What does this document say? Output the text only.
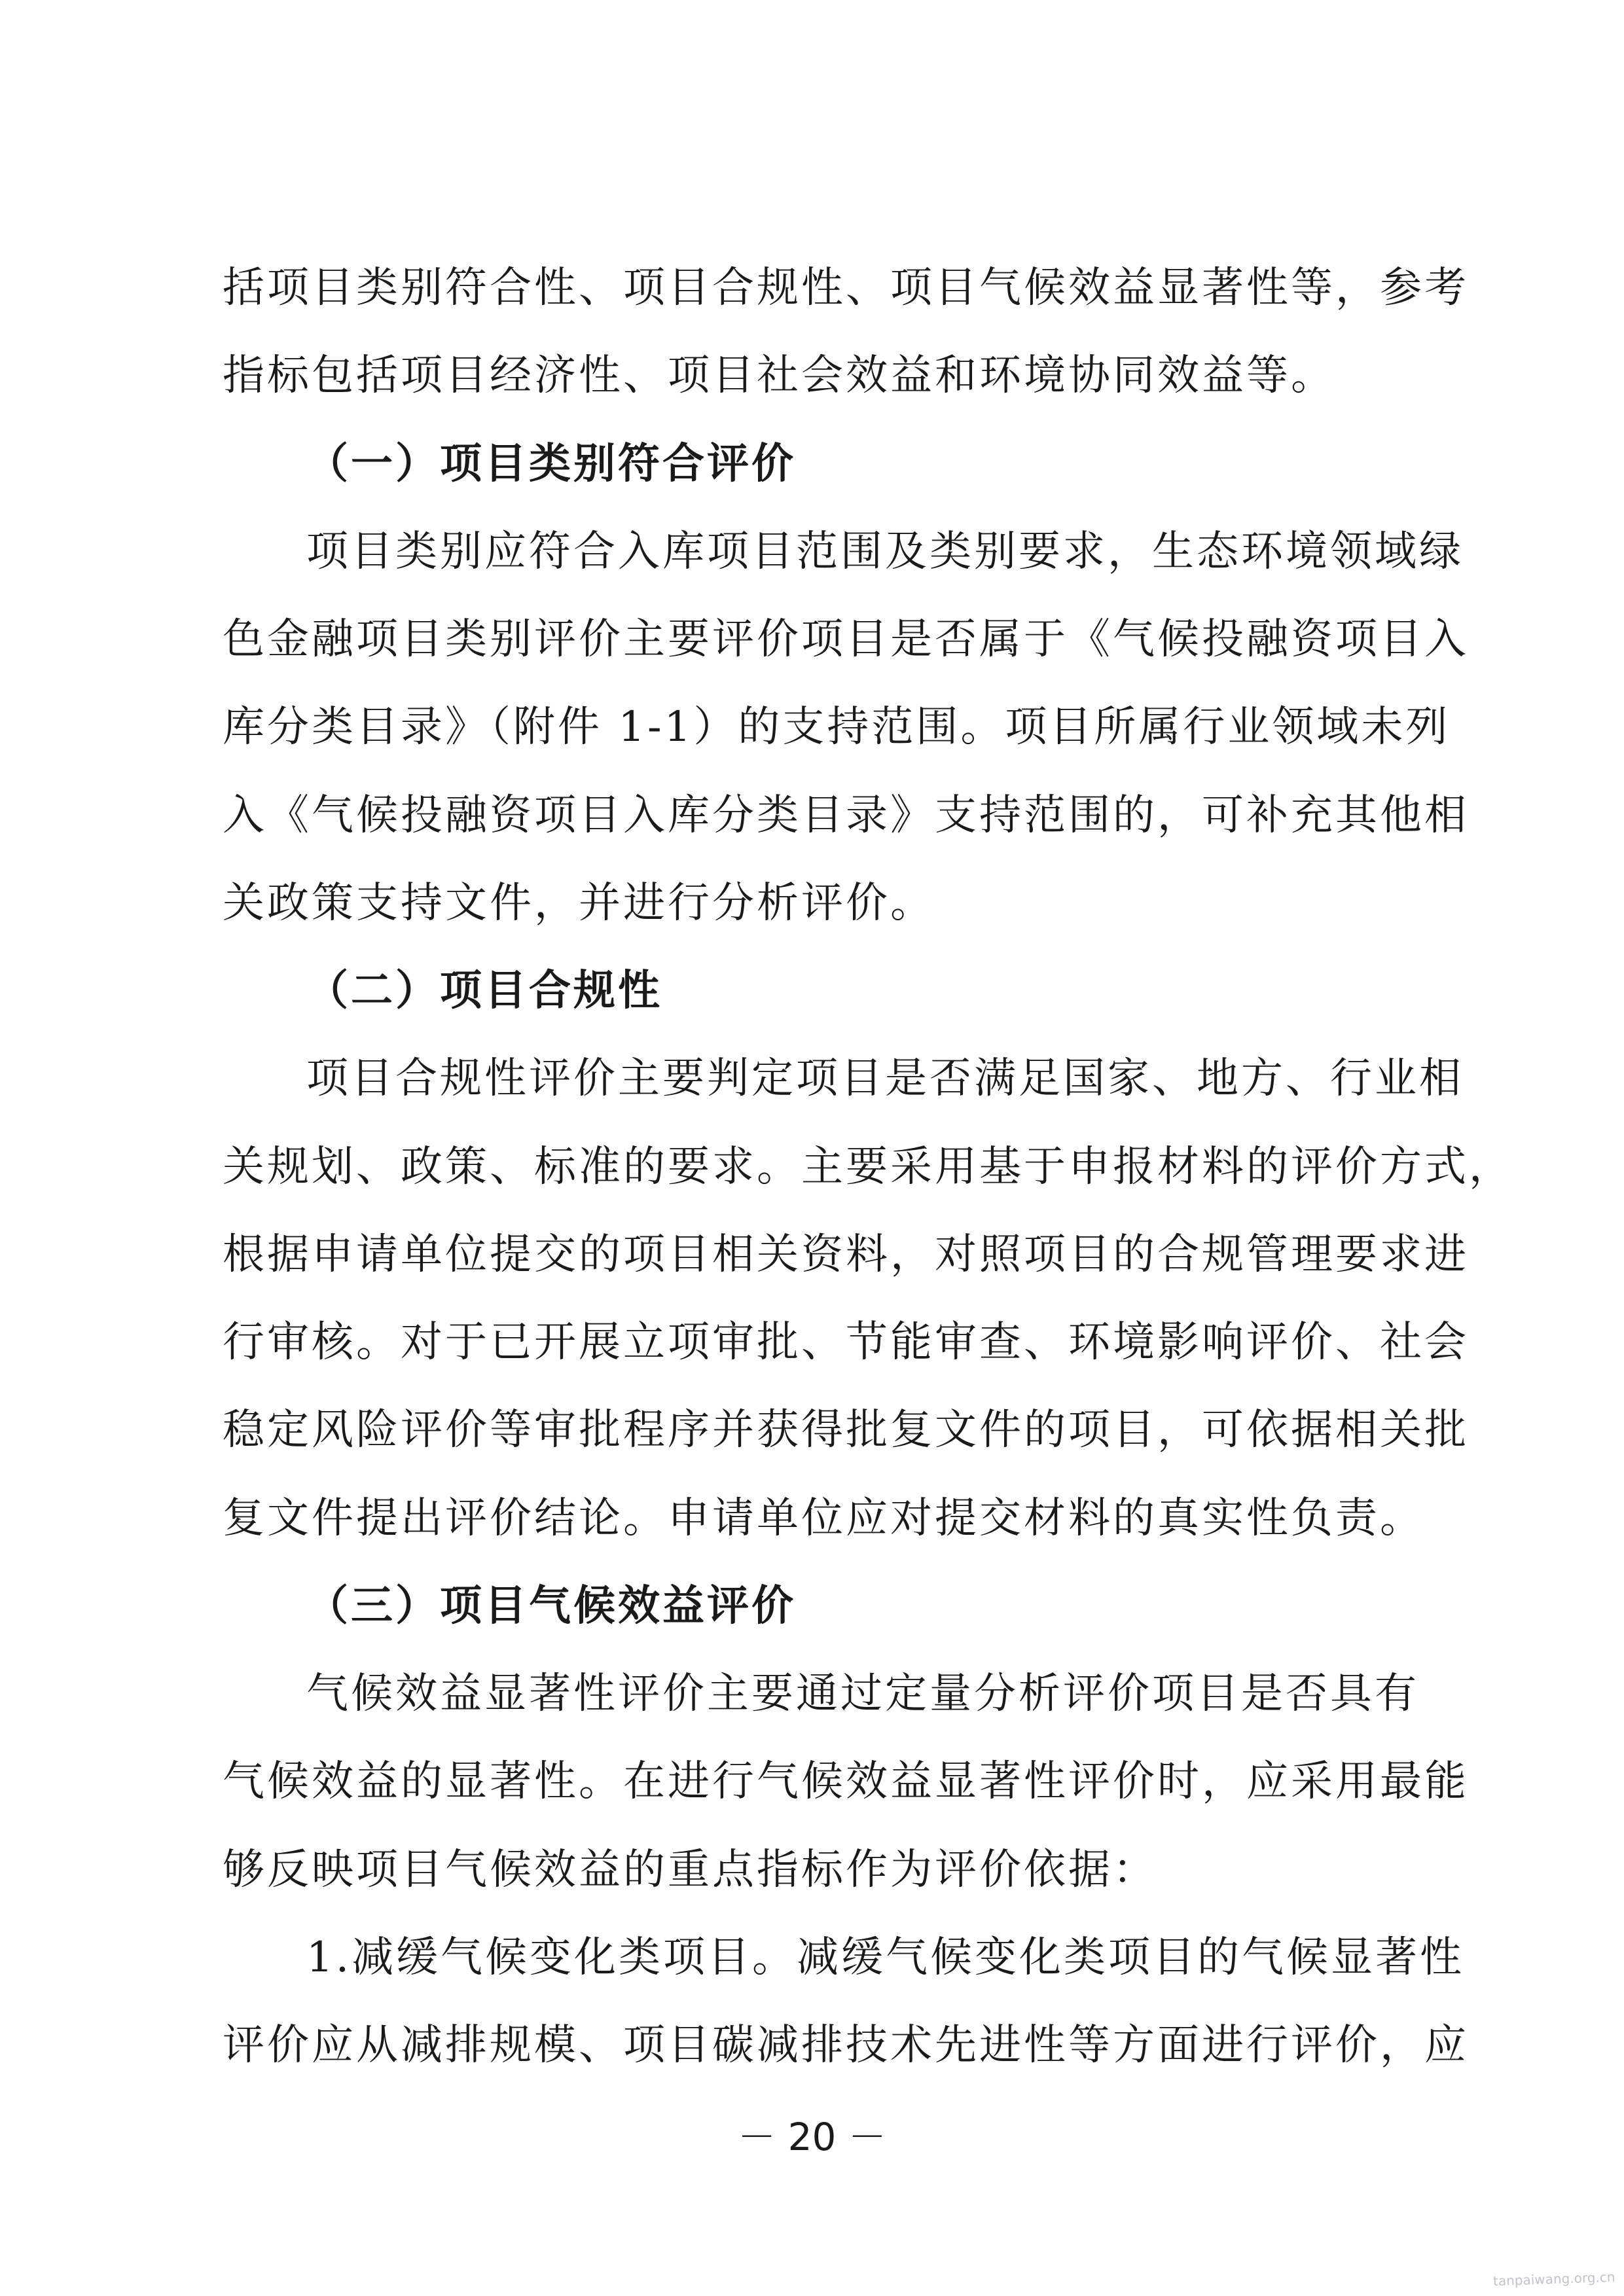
括项目类别符合性、项目合规性、项目气候效益显著性等，参考
指标包括项目经济性、项目社会效益和环境协同效益等。
（一）项目类别符合评价
项目类别应符合入库项目范围及类别要求，生态环境领域绿
色金融项目类别评价主要评价项目是否属于《气候投融资项目入
库分类目录》（附件 1-1）的支持范围。项目所属行业领域未列
入《气候投融资项目入库分类目录》支持范围的，可补充其他相
关政策支持文件，并进行分析评价。
（二）项目合规性
项目合规性评价主要判定项目是否满足国家、地方、行业相
关规划、政策、标准的要求。主要采用基于申报材料的评价方式，
根据申请单位提交的项目相关资料，对照项目的合规管理要求进
行审核。对于已开展立项审批、节能审查、环境影响评价、社会
稳定风险评价等审批程序并获得批复文件的项目，可依据相关批
复文件提出评价结论。申请单位应对提交材料的真实性负责。
（三）项目气候效益评价
气候效益显著性评价主要通过定量分析评价项目是否具有
气候效益的显著性。在进行气候效益显著性评价时，应采用最能
够反映项目气候效益的重点指标作为评价依据：
1.减缓气候变化类项目。减缓气候变化类项目的气候显著性
评价应从减排规模、项目碳减排技术先进性等方面进行评价，应
－ 20 －
tanpaiwang.org.cn
